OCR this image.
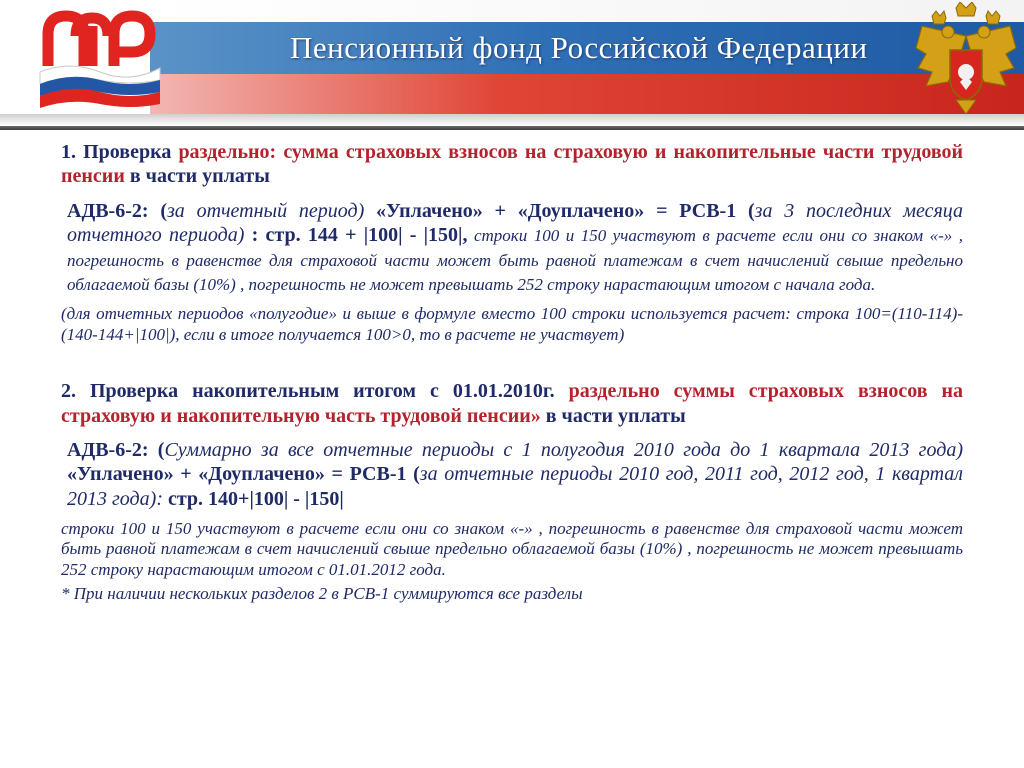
Пенсионный фонд Российской Федерации

1. Проверка раздельно: сумма страховых взносов на страховую и накопительные части трудовой пенсии в части уплаты

АДВ-6-2: (за отчетный период) «Уплачено» + «Доуплачено» = РСВ-1 (за 3 последних месяца отчетного периода) : стр. 144 + |100| - |150|, строки 100 и 150 участвуют в расчете если они со знаком «-» , погрешность в равенстве для страховой части может быть равной платежам в счет начислений свыше предельно облагаемой базы (10%) , погрешность не может превышать 252 строку нарастающим итогом с начала года.

(для отчетных периодов «полугодие» и выше в формуле вместо 100 строки используется расчет: строка 100=(110-114)-(140-144+|100|), если в итоге получается 100>0, то в расчете не участвует)

2. Проверка накопительным итогом с 01.01.2010г. раздельно суммы страховых взносов на страховую и накопительную часть трудовой пенсии» в части уплаты

АДВ-6-2: (Суммарно за все отчетные периоды с 1 полугодия 2010 года до 1 квартала 2013 года) «Уплачено» + «Доуплачено» = РСВ-1 (за отчетные периоды 2010 год, 2011 год, 2012 год, 1 квартал 2013 года): стр. 140+|100| - |150|

строки 100 и 150 участвуют в расчете если они со знаком «-» , погрешность в равенстве для страховой части может быть равной платежам в счет начислений свыше предельно облагаемой базы (10%) , погрешность не может превышать 252 строку нарастающим итогом с 01.01.2012 года.

* При наличии нескольких разделов 2 в РСВ-1 суммируются все разделы
